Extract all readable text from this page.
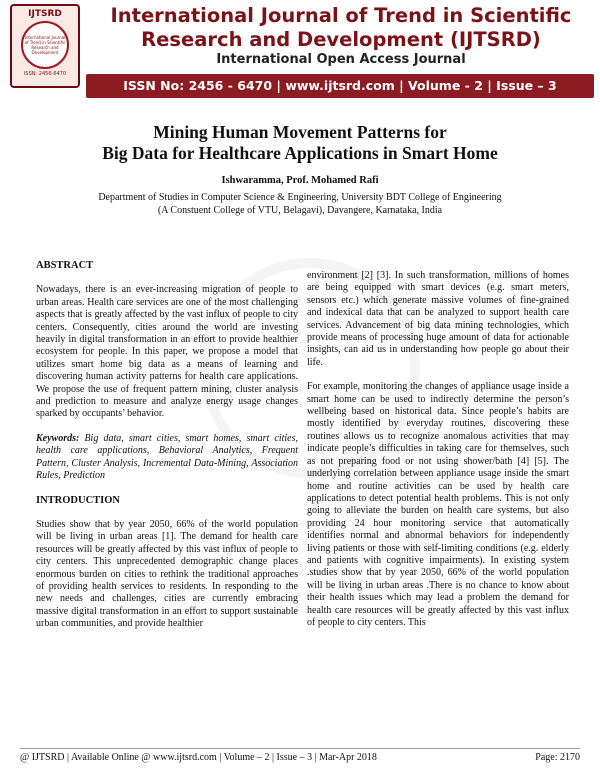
IJTSRD
International Journal of Trend in Scientific Research and Development
ISSN: 2456-6470
International Journal of Trend in Scientific
Research and Development (IJTSRD)
International Open Access Journal
ISSN No: 2456 - 6470 | www.ijtsrd.com | Volume - 2 | Issue – 3
Mining Human Movement Patterns for
Big Data for Healthcare Applications in Smart Home
Ishwaramma, Prof. Mohamed Rafi
Department of Studies in Computer Science & Engineering, University BDT College of Engineering
(A Constuent College of VTU, Belagavi), Davangere, Karnataka, India
ABSTRACT

Nowadays, there is an ever-increasing migration of people to urban areas. Health care services are one of the most challenging aspects that is greatly affected by the vast influx of people to city centers. Consequently, cities around the world are investing heavily in digital transformation in an effort to provide healthier ecosystem for people. In this paper, we propose a model that utilizes smart home big data as a means of learning and discovering human activity patterns for health care applications. We propose the use of frequent pattern mining, cluster analysis and prediction to measure and analyze energy usage changes sparked by occupants’ behavior.

Keywords: Big data, smart cities, smart homes, smart cities, health care applications, Behavioral Analytics, Frequent Pattern, Cluster Analysis, Incremental Data-Mining, Association Rules, Prediction

INTRODUCTION

Studies show that by year 2050, 66% of the world population will be living in urban areas [1]. The demand for health care resources will be greatly affected by this vast influx of people to city centers. This unprecedented demographic change places enormous burden on cities to rethink the traditional approaches of providing health services to residents. In responding to the new needs and challenges, cities are currently embracing massive digital transformation in an effort to support sustainable urban communities, and provide healthier

environment [2] [3]. In such transformation, millions of homes are being equipped with smart devices (e.g. smart meters, sensors etc.) which generate massive volumes of fine-grained and indexical data that can be analyzed to support health care services. Advancement of big data mining technologies, which provide means of processing huge amount of data for actionable insights, can aid us in understanding how people go about their life.

For example, monitoring the changes of appliance usage inside a smart home can be used to indirectly determine the person’s wellbeing based on historical data. Since people’s habits are mostly identified by everyday routines, discovering these routines allows us to recognize anomalous activities that may indicate people’s difficulties in taking care for themselves, such as not preparing food or not using shower/bath [4] [5]. The underlying correlation between appliance usage inside the smart home and routine activities can be used by health care applications to detect potential health problems. This is not only going to alleviate the burden on health care systems, but also providing 24 hour monitoring service that automatically identifies normal and abnormal behaviors for independently living patients or those with self-limiting conditions (e.g. elderly and patients with cognitive impairments). In existing system .studies show that by year 2050, 66% of the world population will be living in urban areas .There is no chance to know about their health issues which may lead a problem the demand for health care resources will be greatly affected by this vast influx of people to city centers. This

@ IJTSRD | Available Online @ www.ijtsrd.com | Volume – 2 | Issue – 3 | Mar-Apr 2018	Page: 2170
